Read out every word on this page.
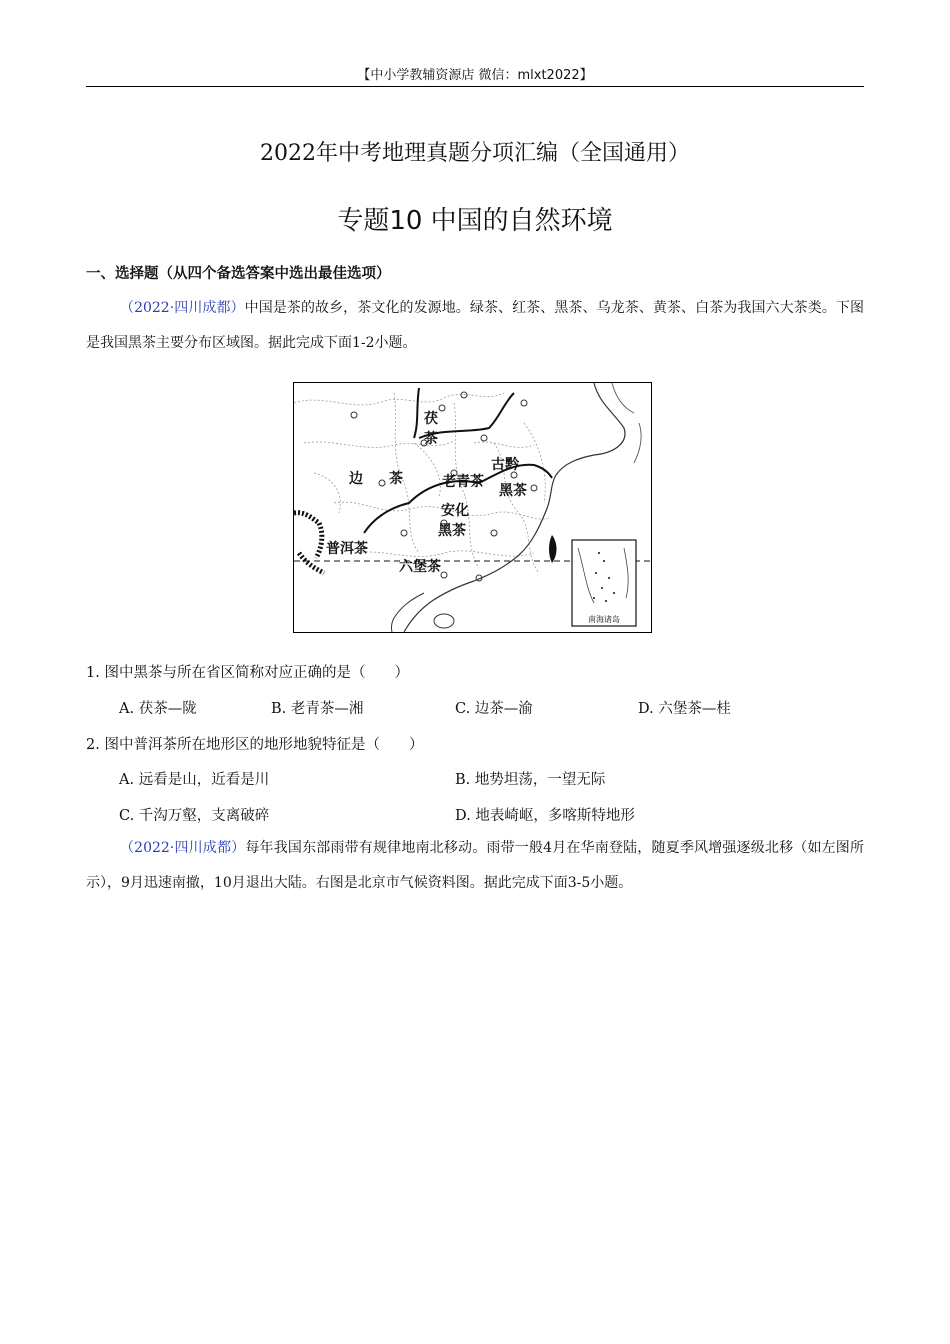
【中小学教辅资源店 微信：mlxt2022】
2022年中考地理真题分项汇编（全国通用）
专题10 中国的自然环境
一、选择题（从四个备选答案中选出最佳选项）
（2022·四川成都）中国是茶的故乡，茶文化的发源地。绿茶、红茶、黑茶、乌龙茶、黄茶、白茶为我国六大茶类。下图是我国黑茶主要分布区域图。据此完成下面1-2小题。
茯
茶
边 茶	老青茶
古黔
黑茶
安化
黑茶
普洱茶
六堡茶
南海诸岛
1. 图中黑茶与所在省区简称对应正确的是（　　）
A. 茯茶—陇	B. 老青茶—湘	C. 边茶—渝	D. 六堡茶—桂
2. 图中普洱茶所在地形区的地形地貌特征是（　　）
A. 远看是山，近看是川	B. 地势坦荡，一望无际
C. 千沟万壑，支离破碎	D. 地表崎岖，多喀斯特地形
（2022·四川成都）每年我国东部雨带有规律地南北移动。雨带一般4月在华南登陆，随夏季风增强逐级北移（如左图所示），9月迅速南撤，10月退出大陆。右图是北京市气候资料图。据此完成下面3-5小题。
